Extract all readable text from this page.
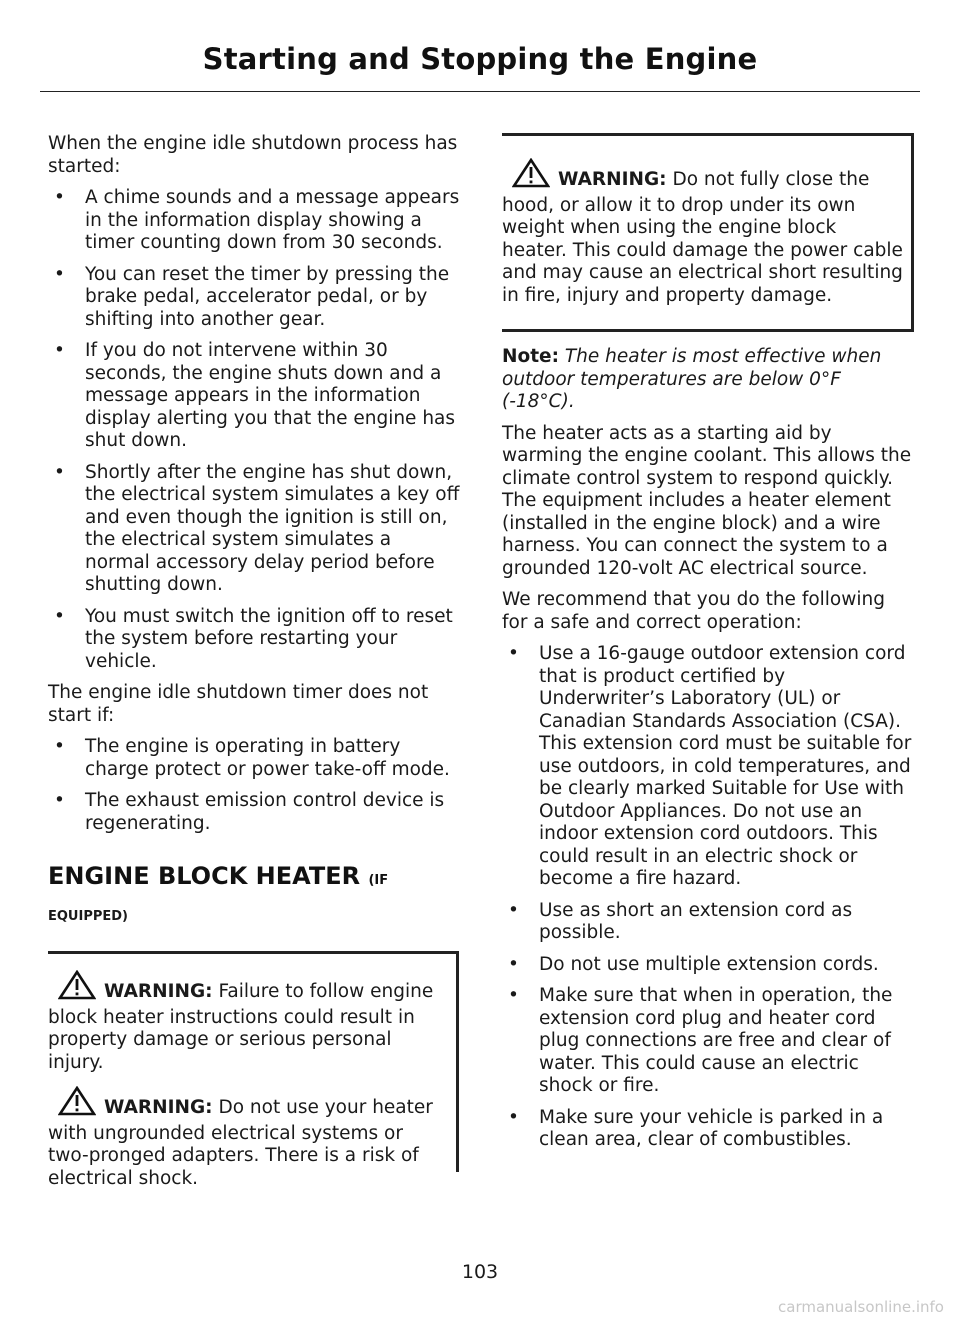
Starting and Stopping the Engine

When the engine idle shutdown process has started:

• A chime sounds and a message appears in the information display showing a timer counting down from 30 seconds.
• You can reset the timer by pressing the brake pedal, accelerator pedal, or by shifting into another gear.
• If you do not intervene within 30 seconds, the engine shuts down and a message appears in the information display alerting you that the engine has shut down.
• Shortly after the engine has shut down, the electrical system simulates a key off and even though the ignition is still on, the electrical system simulates a normal accessory delay period before shutting down.
• You must switch the ignition off to reset the system before restarting your vehicle.

The engine idle shutdown timer does not start if:

• The engine is operating in battery charge protect or power take-off mode.
• The exhaust emission control device is regenerating.
ENGINE BLOCK HEATER (IF
EQUIPPED)

WARNING: Failure to follow engine block heater instructions could result in property damage or serious personal injury.

WARNING: Do not use your heater with ungrounded electrical systems or two-pronged adapters. There is a risk of electrical shock.

WARNING: Do not fully close the hood, or allow it to drop under its own weight when using the engine block heater. This could damage the power cable and may cause an electrical short resulting in fire, injury and property damage.

Note: The heater is most effective when outdoor temperatures are below 0°F (-18°C).

The heater acts as a starting aid by warming the engine coolant. This allows the climate control system to respond quickly. The equipment includes a heater element (installed in the engine block) and a wire harness. You can connect the system to a grounded 120-volt AC electrical source.

We recommend that you do the following for a safe and correct operation:

• Use a 16-gauge outdoor extension cord that is product certified by Underwriter’s Laboratory (UL) or Canadian Standards Association (CSA). This extension cord must be suitable for use outdoors, in cold temperatures, and be clearly marked Suitable for Use with Outdoor Appliances. Do not use an indoor extension cord outdoors. This could result in an electric shock or become a fire hazard.
• Use as short an extension cord as possible.
• Do not use multiple extension cords.
• Make sure that when in operation, the extension cord plug and heater cord plug connections are free and clear of water. This could cause an electric shock or fire.
• Make sure your vehicle is parked in a clean area, clear of combustibles.
103
carmanualsonline.info
